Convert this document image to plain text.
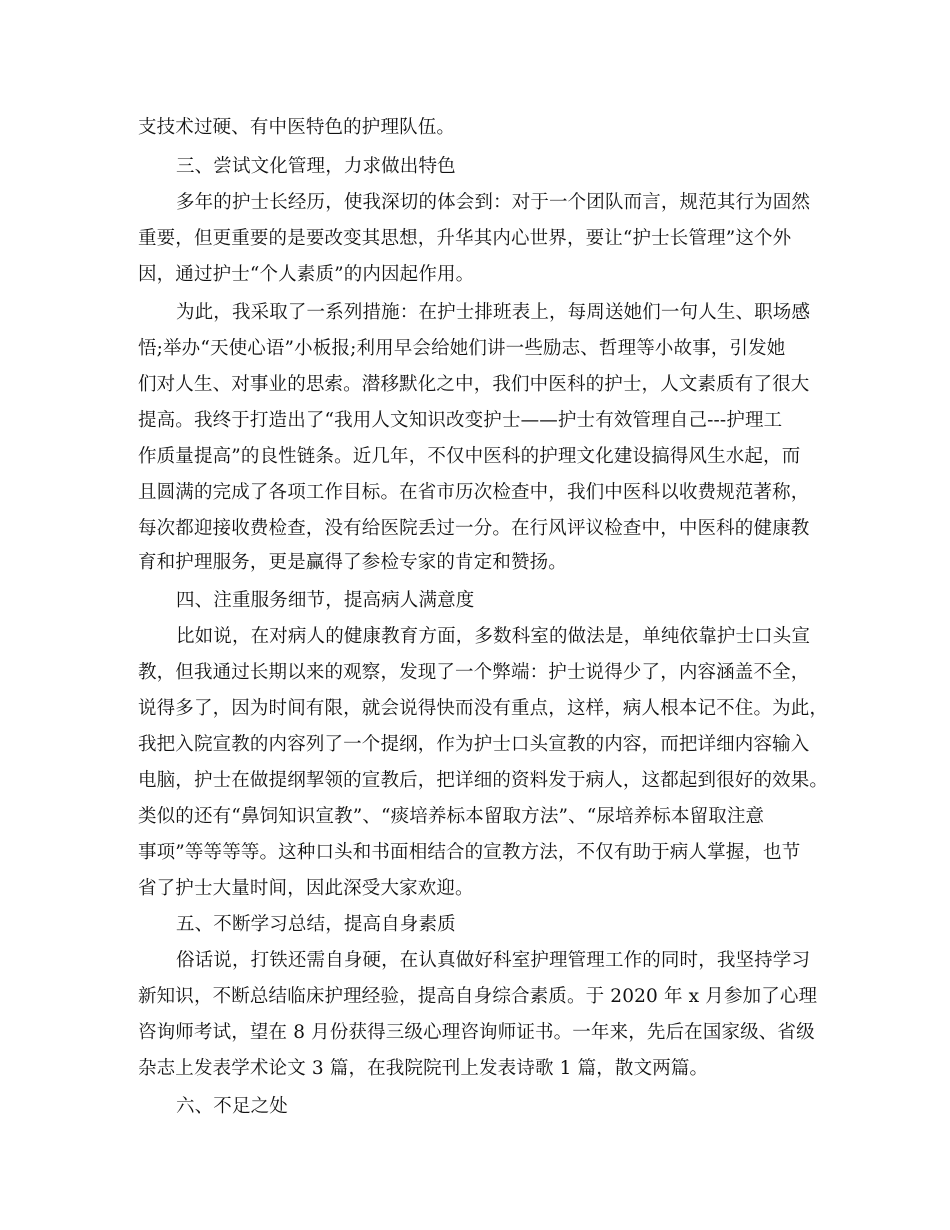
支技术过硬、有中医特色的护理队伍。
三、尝试文化管理，力求做出特色
多年的护士长经历，使我深切的体会到：对于一个团队而言，规范其行为固然
重要，但更重要的是要改变其思想，升华其内心世界，要让“护士长管理”这个外
因，通过护士“个人素质”的内因起作用。
为此，我采取了一系列措施：在护士排班表上，每周送她们一句人生、职场感
悟;举办“天使心语”小板报;利用早会给她们讲一些励志、哲理等小故事，引发她
们对人生、对事业的思索。潜移默化之中，我们中医科的护士，人文素质有了很大
提高。我终于打造出了“我用人文知识改变护士——护士有效管理自己---护理工
作质量提高”的良性链条。近几年，不仅中医科的护理文化建设搞得风生水起，而
且圆满的完成了各项工作目标。在省市历次检查中，我们中医科以收费规范著称，
每次都迎接收费检查，没有给医院丢过一分。在行风评议检查中，中医科的健康教
育和护理服务，更是赢得了参检专家的肯定和赞扬。
四、注重服务细节，提高病人满意度
比如说，在对病人的健康教育方面，多数科室的做法是，单纯依靠护士口头宣
教，但我通过长期以来的观察，发现了一个弊端：护士说得少了，内容涵盖不全，
说得多了，因为时间有限，就会说得快而没有重点，这样，病人根本记不住。为此，
我把入院宣教的内容列了一个提纲，作为护士口头宣教的内容，而把详细内容输入
电脑，护士在做提纲挈领的宣教后，把详细的资料发于病人，这都起到很好的效果。
类似的还有“鼻饲知识宣教”、“痰培养标本留取方法”、“尿培养标本留取注意
事项”等等等等。这种口头和书面相结合的宣教方法，不仅有助于病人掌握，也节
省了护士大量时间，因此深受大家欢迎。
五、不断学习总结，提高自身素质
俗话说，打铁还需自身硬，在认真做好科室护理管理工作的同时，我坚持学习
新知识，不断总结临床护理经验，提高自身综合素质。于 2020 年 x 月参加了心理
咨询师考试，望在 8 月份获得三级心理咨询师证书。一年来，先后在国家级、省级
杂志上发表学术论文 3 篇，在我院院刊上发表诗歌 1 篇，散文两篇。
六、不足之处
